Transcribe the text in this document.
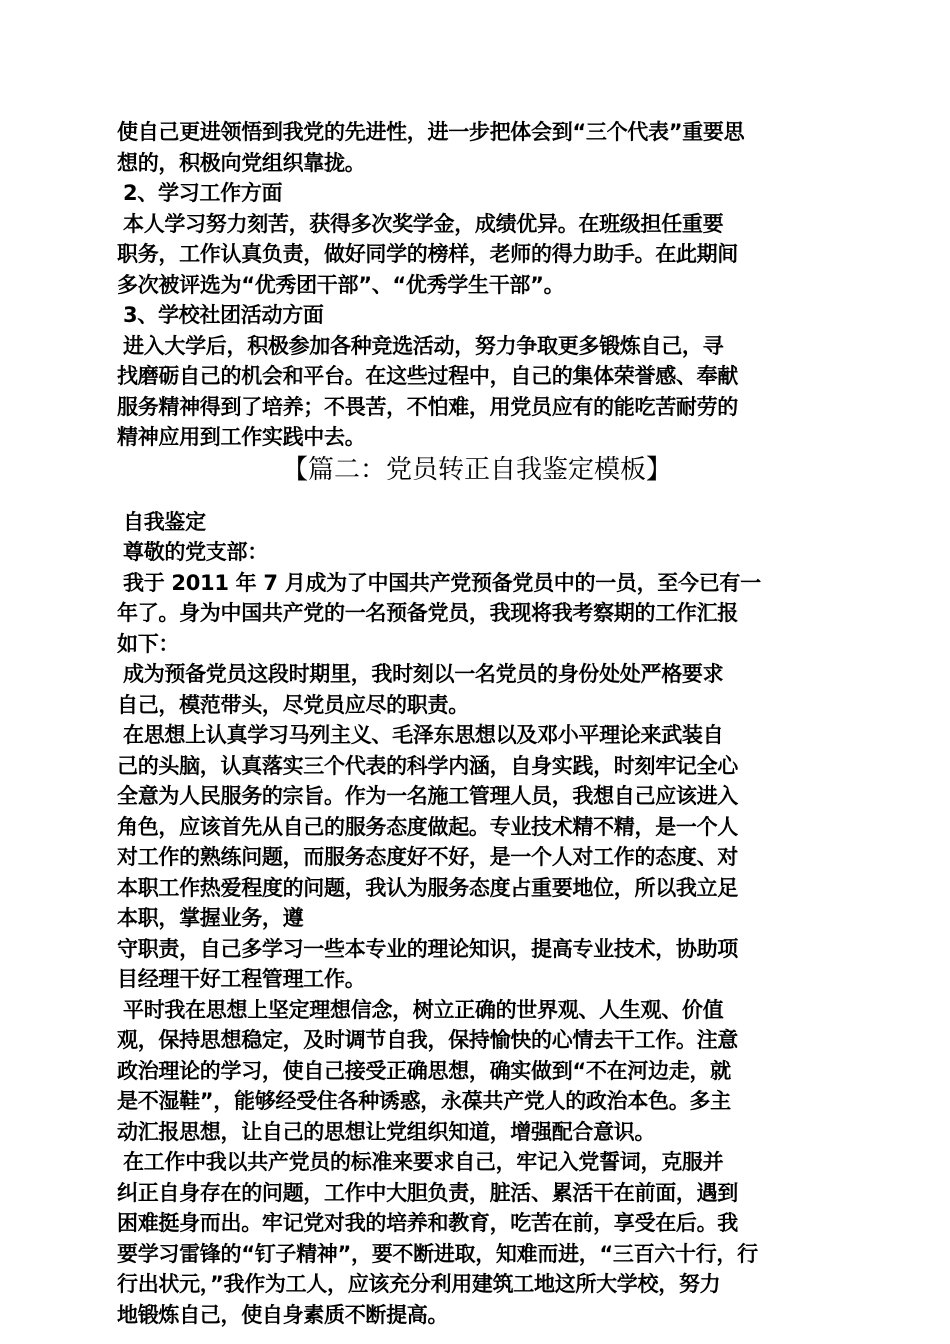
使自己更进领悟到我党的先进性，进一步把体会到“三个代表”重要思
想的，积极向党组织靠拢。
2、学习工作方面
本人学习努力刻苦，获得多次奖学金，成绩优异。在班级担任重要
职务，工作认真负责，做好同学的榜样，老师的得力助手。在此期间
多次被评选为“优秀团干部”、“优秀学生干部”。
3、学校社团活动方面
进入大学后，积极参加各种竞选活动，努力争取更多锻炼自己，寻
找磨砺自己的机会和平台。在这些过程中，自己的集体荣誉感、奉献
服务精神得到了培养；不畏苦，不怕难，用党员应有的能吃苦耐劳的
精神应用到工作实践中去。
【篇二：党员转正自我鉴定模板】
自我鉴定
尊敬的党支部：
我于 2011 年 7 月成为了中国共产党预备党员中的一员，至今已有一
年了。身为中国共产党的一名预备党员，我现将我考察期的工作汇报
如下：
成为预备党员这段时期里，我时刻以一名党员的身份处处严格要求
自己，模范带头，尽党员应尽的职责。
在思想上认真学习马列主义、毛泽东思想以及邓小平理论来武装自
己的头脑，认真落实三个代表的科学内涵，自身实践，时刻牢记全心
全意为人民服务的宗旨。作为一名施工管理人员，我想自己应该进入
角色，应该首先从自己的服务态度做起。专业技术精不精，是一个人
对工作的熟练问题，而服务态度好不好，是一个人对工作的态度、对
本职工作热爱程度的问题，我认为服务态度占重要地位，所以我立足
本职，掌握业务，遵
守职责，自己多学习一些本专业的理论知识，提高专业技术，协助项
目经理干好工程管理工作。
平时我在思想上坚定理想信念，树立正确的世界观、人生观、价值
观，保持思想稳定，及时调节自我，保持愉快的心情去干工作。注意
政治理论的学习，使自己接受正确思想，确实做到“不在河边走，就
是不湿鞋”，能够经受住各种诱惑，永葆共产党人的政治本色。多主
动汇报思想，让自己的思想让党组织知道，增强配合意识。
在工作中我以共产党员的标准来要求自己，牢记入党誓词，克服并
纠正自身存在的问题，工作中大胆负责，脏活、累活干在前面，遇到
困难挺身而出。牢记党对我的培养和教育，吃苦在前，享受在后。我
要学习雷锋的“钉子精神”，要不断进取，知难而进，“三百六十行，行
行出状元，”我作为工人，应该充分利用建筑工地这所大学校，努力
地锻炼自己，使自身素质不断提高。
